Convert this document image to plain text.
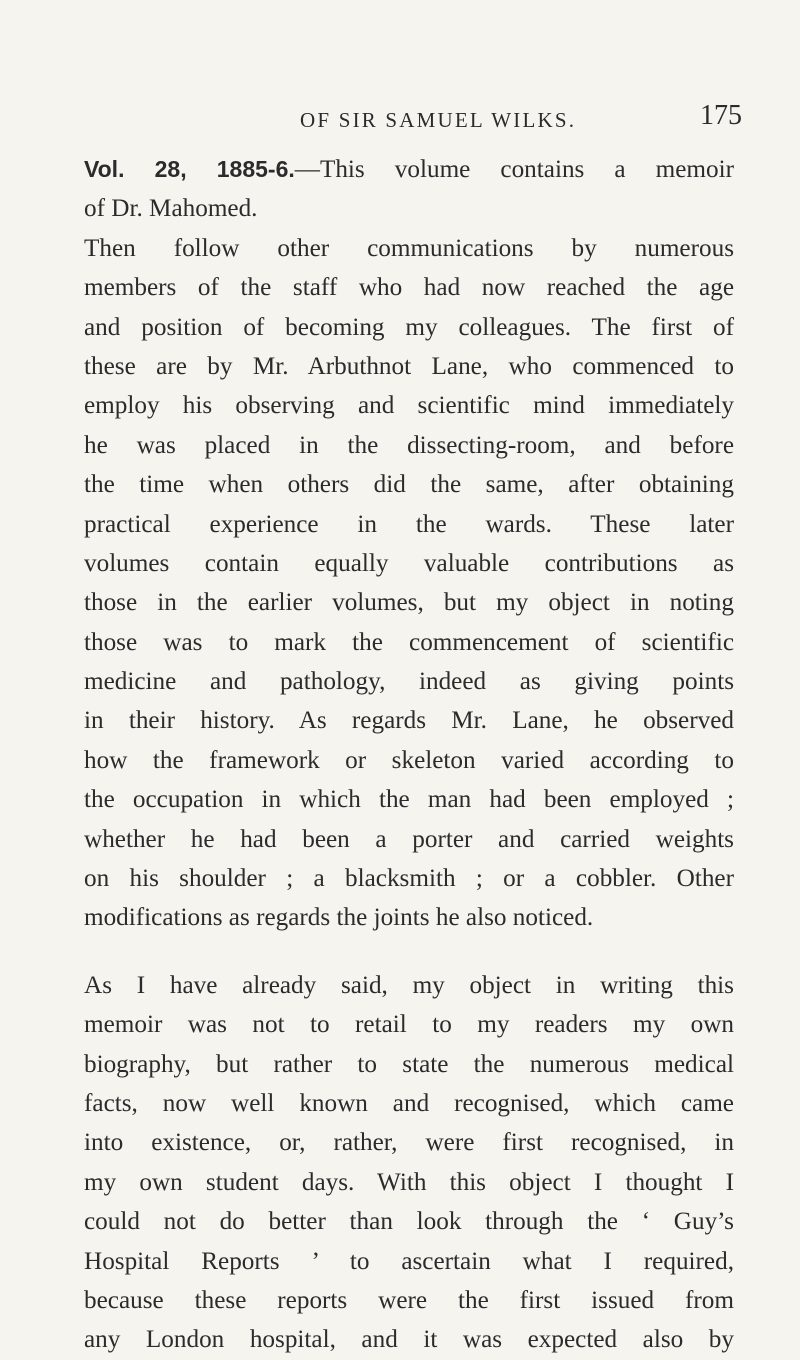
OF SIR SAMUEL WILKS.	175
Vol. 28, 1885-6.—This volume contains a memoir
of Dr. Mahomed.
Then follow other communications by numerous
members of the staff who had now reached the age
and position of becoming my colleagues. The first of
these are by Mr. Arbuthnot Lane, who commenced to
employ his observing and scientific mind immediately
he was placed in the dissecting-room, and before
the time when others did the same, after obtaining
practical experience in the wards. These later
volumes contain equally valuable contributions as
those in the earlier volumes, but my object in noting
those was to mark the commencement of scientific
medicine and pathology, indeed as giving points
in their history. As regards Mr. Lane, he observed
how the framework or skeleton varied according to
the occupation in which the man had been employed ;
whether he had been a porter and carried weights
on his shoulder ; a blacksmith ; or a cobbler. Other
modifications as regards the joints he also noticed.
As I have already said, my object in writing this
memoir was not to retail to my readers my own
biography, but rather to state the numerous medical
facts, now well known and recognised, which came
into existence, or, rather, were first recognised, in
my own student days. With this object I thought I
could not do better than look through the ‘ Guy’s
Hospital Reports ’ to ascertain what I required,
because these reports were the first issued from
any London hospital, and it was expected also by
